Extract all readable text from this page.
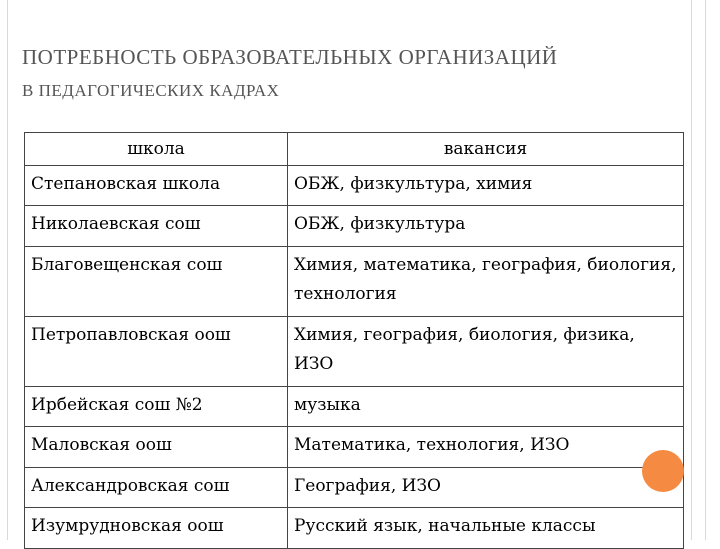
ПОТРЕБНОСТЬ ОБРАЗОВАТЕЛЬНЫХ ОРГАНИЗАЦИЙ
В ПЕДАГОГИЧЕСКИХ КАДРАХ
школа	вакансия
Степановская школа	ОБЖ, физкультура, химия
Николаевская сош	ОБЖ, физкультура
Благовещенская сош	Химия, математика, география, биология, технология
Петропавловская оош	Химия, география, биология, физика, ИЗО
Ирбейская сош №2	музыка
Маловская оош	Математика, технология, ИЗО
Александровская сош	География, ИЗО
Изумрудновская оош	Русский язык, начальные классы
